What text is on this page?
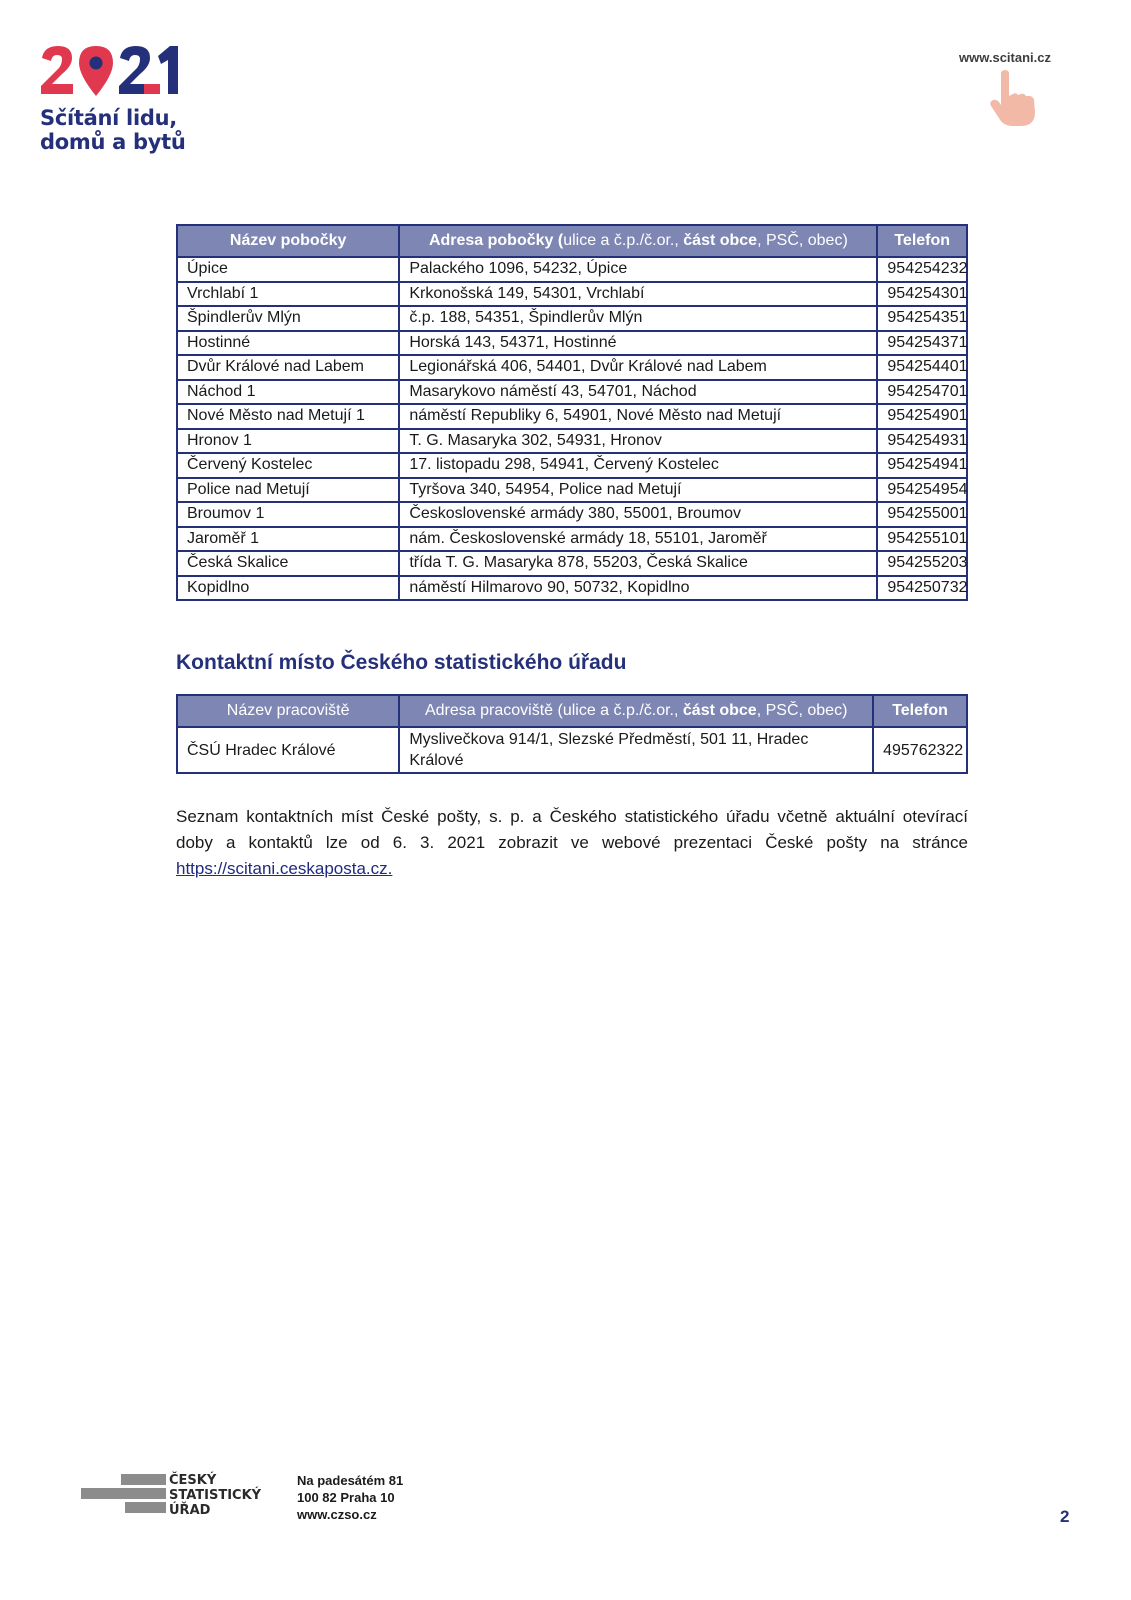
Sčítání lidu,
domů a bytů
www.scitani.cz
Název pobočky	Adresa pobočky (ulice a č.p./č.or., část obce, PSČ, obec)	Telefon
Úpice	Palackého 1096, 54232, Úpice	954254232
Vrchlabí 1	Krkonošská 149, 54301, Vrchlabí	954254301
Špindlerův Mlýn	č.p. 188, 54351, Špindlerův Mlýn	954254351
Hostinné	Horská 143, 54371, Hostinné	954254371
Dvůr Králové nad Labem	Legionářská 406, 54401, Dvůr Králové nad Labem	954254401
Náchod 1	Masarykovo náměstí 43, 54701, Náchod	954254701
Nové Město nad Metují 1	náměstí Republiky 6, 54901, Nové Město nad Metují	954254901
Hronov 1	T. G. Masaryka 302, 54931, Hronov	954254931
Červený Kostelec	17. listopadu 298, 54941, Červený Kostelec	954254941
Police nad Metují	Tyršova 340, 54954, Police nad Metují	954254954
Broumov 1	Československé armády 380, 55001, Broumov	954255001
Jaroměř 1	nám. Československé armády 18, 55101, Jaroměř	954255101
Česká Skalice	třída T. G. Masaryka 878, 55203, Česká Skalice	954255203
Kopidlno	náměstí Hilmarovo 90, 50732, Kopidlno	954250732
Kontaktní místo Českého statistického úřadu
Název pracoviště	Adresa pracoviště (ulice a č.p./č.or., část obce, PSČ, obec)	Telefon
ČSÚ Hradec Králové	Myslivečkova 914/1, Slezské Předměstí, 501 11, Hradec Králové	495762322

Seznam kontaktních míst České pošty, s. p. a Českého statistického úřadu včetně aktuální otevírací doby a kontaktů lze od 6. 3. 2021 zobrazit ve webové prezentaci České pošty na stránce https://scitani.ceskaposta.cz.

ČESKÝ
STATISTICKÝ
ÚŘAD
Na padesátém 81
100 82 Praha 10
www.czso.cz	2
